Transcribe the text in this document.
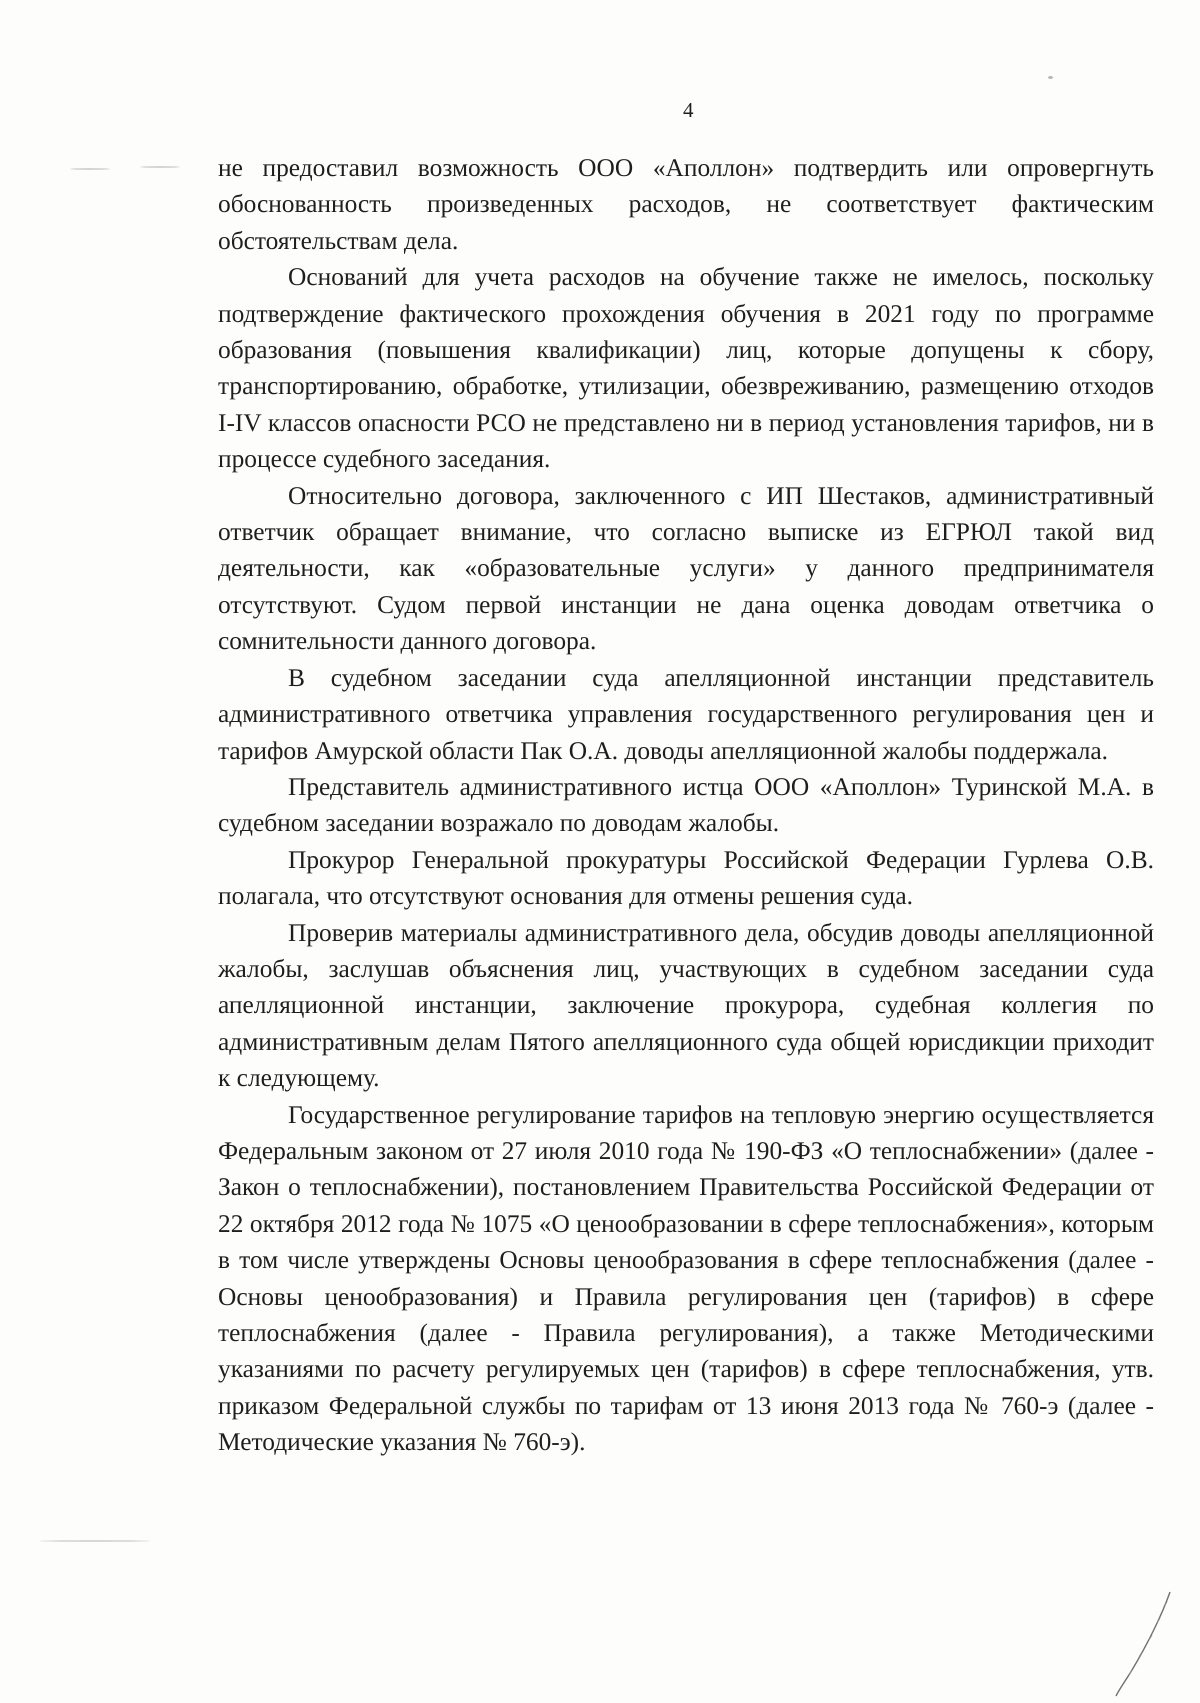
4

не предоставил возможность ООО «Аполлон» подтвердить или опровергнуть обоснованность произведенных расходов, не соответствует фактическим обстоятельствам дела.

Оснований для учета расходов на обучение также не имелось, поскольку подтверждение фактического прохождения обучения в 2021 году по программе образования (повышения квалификации) лиц, которые допущены к сбору, транспортированию, обработке, утилизации, обезвреживанию, размещению отходов I-IV классов опасности РСО не представлено ни в период установления тарифов, ни в процессе судебного заседания.

Относительно договора, заключенного с ИП Шестаков, административный ответчик обращает внимание, что согласно выписке из ЕГРЮЛ такой вид деятельности, как «образовательные услуги» у данного предпринимателя отсутствуют. Судом первой инстанции не дана оценка доводам ответчика о сомнительности данного договора.

В судебном заседании суда апелляционной инстанции представитель административного ответчика управления государственного регулирования цен и тарифов Амурской области Пак О.А. доводы апелляционной жалобы поддержала.

Представитель административного истца ООО «Аполлон» Туринской М.А. в судебном заседании возражало по доводам жалобы.

Прокурор Генеральной прокуратуры Российской Федерации Гурлева О.В. полагала, что отсутствуют основания для отмены решения суда.

Проверив материалы административного дела, обсудив доводы апелляционной жалобы, заслушав объяснения лиц, участвующих в судебном заседании суда апелляционной инстанции, заключение прокурора, судебная коллегия по административным делам Пятого апелляционного суда общей юрисдикции приходит к следующему.

Государственное регулирование тарифов на тепловую энергию осуществляется Федеральным законом от 27 июля 2010 года № 190-ФЗ «О теплоснабжении» (далее - Закон о теплоснабжении), постановлением Правительства Российской Федерации от 22 октября 2012 года № 1075 «О ценообразовании в сфере теплоснабжения», которым в том числе утверждены Основы ценообразования в сфере теплоснабжения (далее - Основы ценообразования) и Правила регулирования цен (тарифов) в сфере теплоснабжения (далее - Правила регулирования), а также Методическими указаниями по расчету регулируемых цен (тарифов) в сфере теплоснабжения, утв. приказом Федеральной службы по тарифам от 13 июня 2013 года № 760-э (далее - Методические указания № 760-э).
